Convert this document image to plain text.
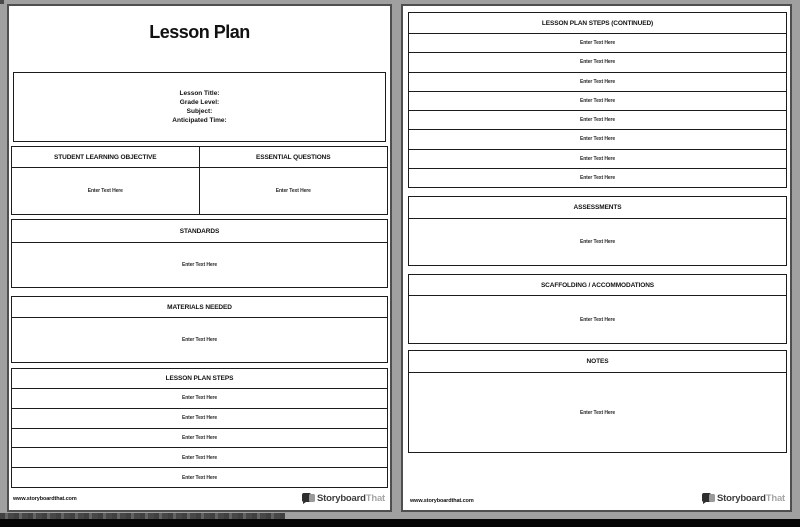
Lesson Plan
Lesson Title:
Grade Level:
Subject:
Anticipated Time:
STUDENT LEARNING OBJECTIVE
Enter Text Here
ESSENTIAL QUESTIONS
Enter Text Here
STANDARDS
Enter Text Here
MATERIALS NEEDED
Enter Text Here
LESSON PLAN STEPS
Enter Text Here
Enter Text Here
Enter Text Here
Enter Text Here
Enter Text Here
www.storyboardthat.com	StoryboardThat
LESSON PLAN STEPS (CONTINUED)
Enter Text Here
Enter Text Here
Enter Text Here
Enter Text Here
Enter Text Here
Enter Text Here
Enter Text Here
Enter Text Here
ASSESSMENTS
Enter Text Here
SCAFFOLDING / ACCOMMODATIONS
Enter Text Here
NOTES
Enter Text Here
www.storyboardthat.com	StoryboardThat
